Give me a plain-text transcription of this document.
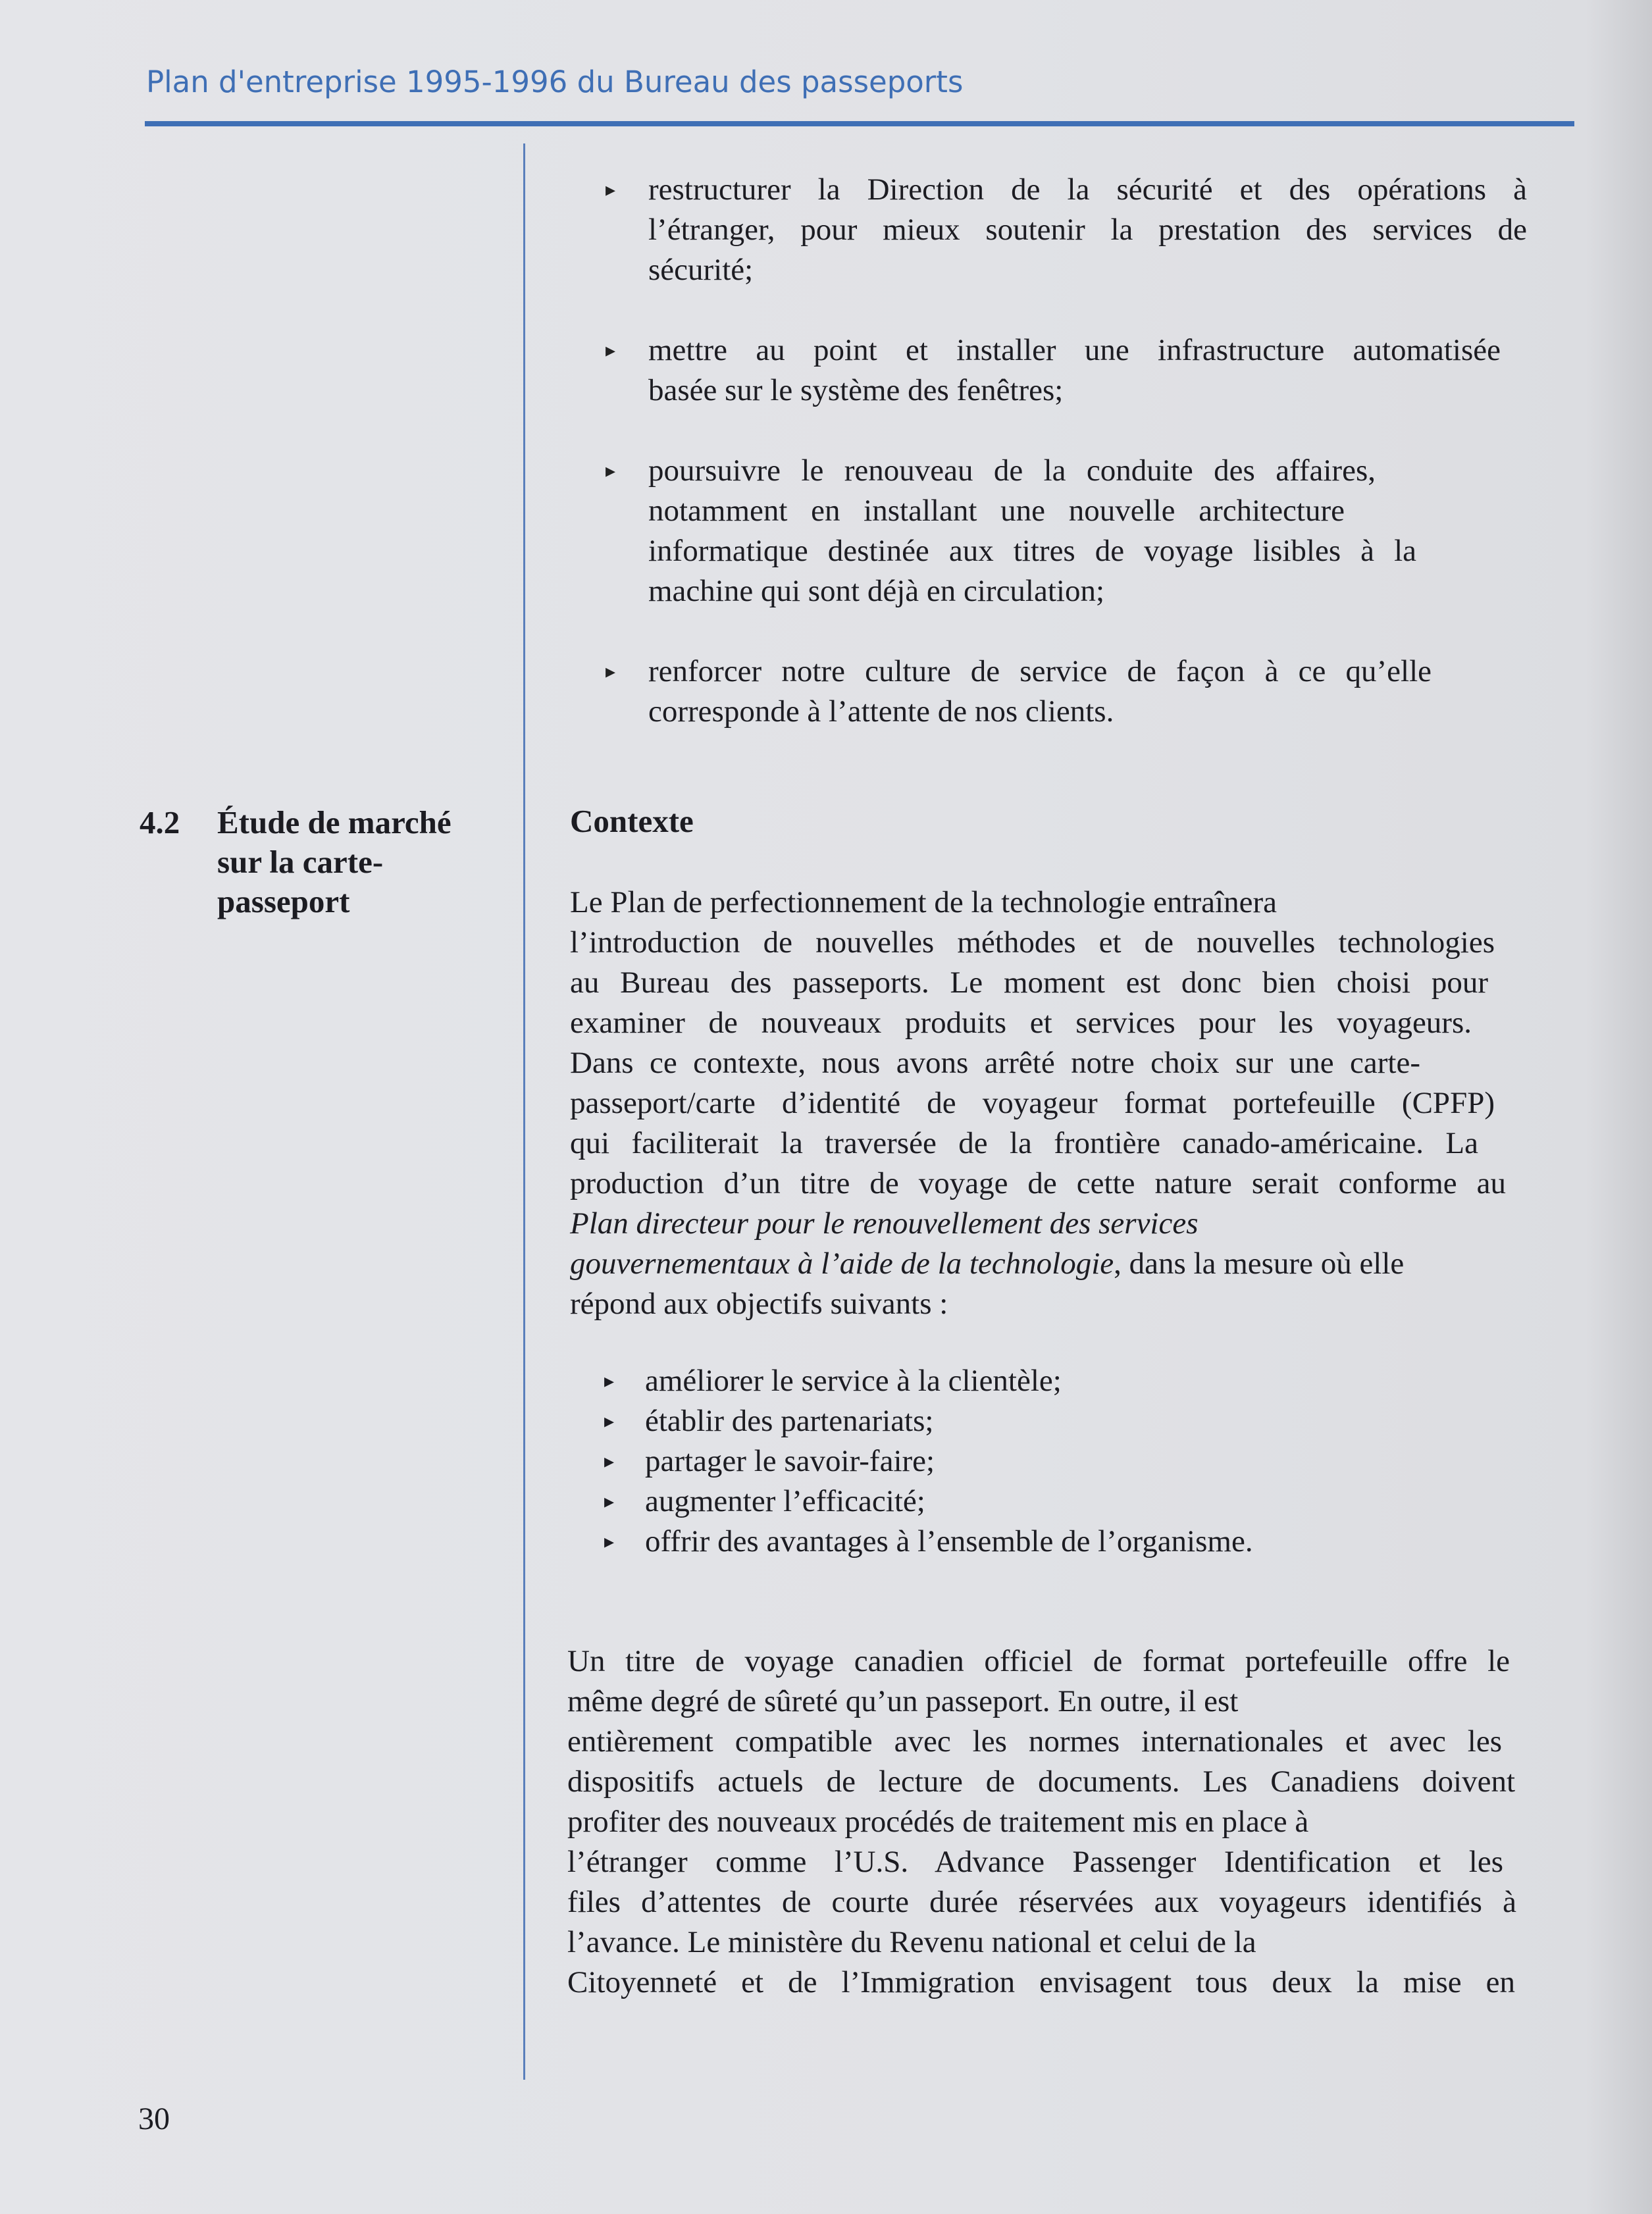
Plan d'entreprise 1995-1996 du Bureau des passeports
▸ restructurer la Direction de la sécurité et des opérations à
l’étranger, pour mieux soutenir la prestation des services de
sécurité;
▸ mettre au point et installer une infrastructure automatisée
basée sur le système des fenêtres;
▸ poursuivre le renouveau de la conduite des affaires,
notamment en installant une nouvelle architecture
informatique destinée aux titres de voyage lisibles à la
machine qui sont déjà en circulation;
▸ renforcer notre culture de service de façon à ce qu’elle
corresponde à l’attente de nos clients.
4.2 Étude de marché
sur la carte-
passeport
Contexte
Le Plan de perfectionnement de la technologie entraînera
l’introduction de nouvelles méthodes et de nouvelles technologies
au Bureau des passeports. Le moment est donc bien choisi pour
examiner de nouveaux produits et services pour les voyageurs.
Dans ce contexte, nous avons arrêté notre choix sur une carte-
passeport/carte d’identité de voyageur format portefeuille (CPFP)
qui faciliterait la traversée de la frontière canado-américaine. La
production d’un titre de voyage de cette nature serait conforme au
Plan directeur pour le renouvellement des services
gouvernementaux à l’aide de la technologie, dans la mesure où elle
répond aux objectifs suivants :
▸ améliorer le service à la clientèle;
▸ établir des partenariats;
▸ partager le savoir-faire;
▸ augmenter l’efficacité;
▸ offrir des avantages à l’ensemble de l’organisme.
Un titre de voyage canadien officiel de format portefeuille offre le
même degré de sûreté qu’un passeport. En outre, il est
entièrement compatible avec les normes internationales et avec les
dispositifs actuels de lecture de documents. Les Canadiens doivent
profiter des nouveaux procédés de traitement mis en place à
l’étranger comme l’U.S. Advance Passenger Identification et les
files d’attentes de courte durée réservées aux voyageurs identifiés à
l’avance. Le ministère du Revenu national et celui de la
Citoyenneté et de l’Immigration envisagent tous deux la mise en
30
